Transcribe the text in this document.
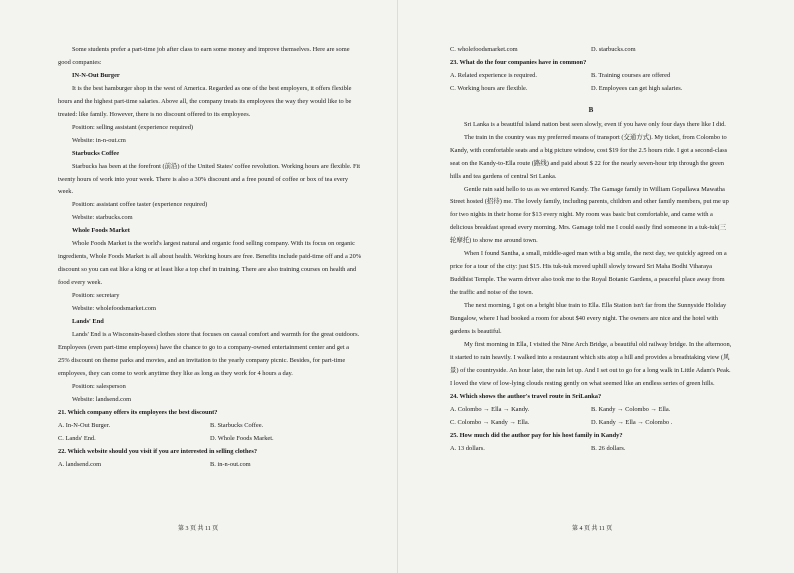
Some students prefer a part-time job after class to earn some money and improve themselves. Here are some good companies:

IN-N-Out Burger

It is the best hamburger shop in the west of America. Regarded as one of the best employers, it offers flexible hours and the highest part-time salaries. Above all, the company treats its employees the way they would like to be treated: like family. However, there is no discount offered to its employees.

Position: selling assistant (experience required)

Website: in-n-out.cm

Starbucks Coffee

Starbucks has been at the forefront (前沿) of the United States' coffee revolution. Working hours are flexible. Fit twenty hours of work into your week. There is also a 30% discount and a free pound of coffee or box of tea every week.

Position: assistant coffee taster (experience required)

Website: starbucks.com

Whole Foods Market

Whole Foods Market is the world's largest natural and organic food selling company. With its focus on organic ingredients, Whole Foods Market is all about health. Working hours are free. Benefits include paid-time off and a 20% discount so you can eat like a king or at least like a top chef in training. There are also training courses on health and food every week.

Position: secretary

Website: wholefoodsmarket.com

Lands' End

Lands' End is a Wisconsin-based clothes store that focuses on casual comfort and warmth for the great outdoors. Employees (even part-time employees) have the chance to go to a company-owned entertainment center and get a 25% discount on theme parks and movies, and an invitation to the yearly company picnic. Besides, for part-time employees, they can come to work anytime they like as long as they work for 4 hours a day.

Position: salesperson

Website: landsend.com

21. Which company offers its employees the best discount?

A. In-N-Out Burger.	B. Starbucks Coffee.
C. Lands' End.	D. Whole Foods Market.

22. Which website should you visit if you are interested in selling clothes?

A. landsend.com	B. in-n-out.com
第 3 页 共 11 页
C. wholefoodsmarket.com	D. starbucks.com

23. What do the four companies have in common?

A. Related experience is required.	B. Training courses are offered
C. Working hours are flexible.	D. Employees can get high salaries.
B

Sri Lanka is a beautiful island nation best seen slowly, even if you have only four days there like I did.

The train in the country was my preferred means of transport (交通方式). My ticket, from Colombo to Kandy, with comfortable seats and a big picture window, cost $19 for the 2.5 hours ride. I got a second-class seat on the Kandy-to-Ella route (路线) and paid about $ 22 for the nearly seven-hour trip through the green hills and tea gardens of central Sri Lanka.

Gentle rain said hello to us as we entered Kandy. The Gamage family in William Gopallawa Mawatha Street hosted (招待) me. The lovely family, including parents, children and other family members, put me up for two nights in their home for $13 every night. My room was basic but comfortable, and came with a delicious breakfast spread every morning. Mrs. Gamage told me I could easily find someone in a tuk-tuk(三轮摩托) to show me around town.

When I found Santha, a small, middle-aged man with a big smile, the next day, we quickly agreed on a price for a tour of the city: just $15. His tuk-tuk moved uphill slowly toward Sri Maha Bodhi Viharaya Buddhist Temple. The warm driver also took me to the Royal Botanic Gardens, a peaceful place away from the traffic and noise of the town.

The next morning, I got on a bright blue train to Ella. Ella Station isn't far from the Sunnyside Holiday Bungalow, where I had booked a room for about $40 every night. The owners are nice and the hotel with gardens is beautiful.

My first morning in Ella, I visited the Nine Arch Bridge, a beautiful old railway bridge. In the afternoon, it started to rain heavily. I walked into a restaurant which sits atop a hill and provides a breathtaking view (风景) of the countryside. An hour later, the rain let up. And I set out to go for a long walk in Little Adam's Peak. I loved the view of low-lying clouds resting gently on what seemed like an endless series of green hills.

24. Which shows the author's travel route in SriLanka?

A. Colombo → Ella → Kandy.	B. Kandy → Colombo → Ella.
C. Colombo → Kandy → Ella.	D. Kandy → Ella → Colombo .

25. How much did the author pay for his host family in Kandy?

A. 13 dollars.	B. 26 dollars.
第 4 页 共 11 页
